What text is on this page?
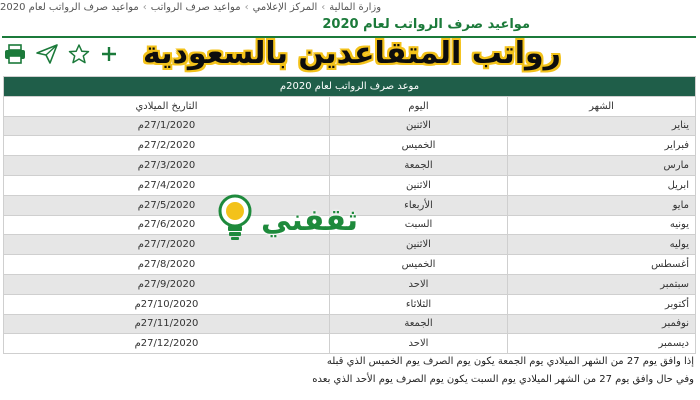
وزارة المالية
›
المركز الإعلامي
›
مواعيد صرف الرواتب
›
مواعيد صرف الرواتب لعام 2020
مواعيد صرف الرواتب لعام 2020
رواتب المتقاعدين بالسعودية
موعد صرف الرواتب لعام 2020م		
الشهر	اليوم	التاريخ الميلادي
يناير	الاثنين	27/1/2020م
فبراير	الخميس	27/2/2020م
مارس	الجمعة	27/3/2020م
ابريل	الاثنين	27/4/2020م
مايو	الأربعاء	27/5/2020م
يونيه	السبت	27/6/2020م
يوليه	الاثنين	27/7/2020م
أغسطس	الخميس	27/8/2020م
سبتمبر	الاحد	27/9/2020م
أكتوبر	الثلاثاء	27/10/2020م
نوفمبر	الجمعة	27/11/2020م
ديسمبر	الاحد	27/12/2020م
ثقفني
إذا وافق يوم 27 من الشهر الميلادي يوم الجمعة يكون يوم الصرف يوم الخميس الذي قبله
وفي حال وافق يوم 27 من الشهر الميلادي يوم السبت يكون يوم الصرف يوم الأحد الذي بعده
